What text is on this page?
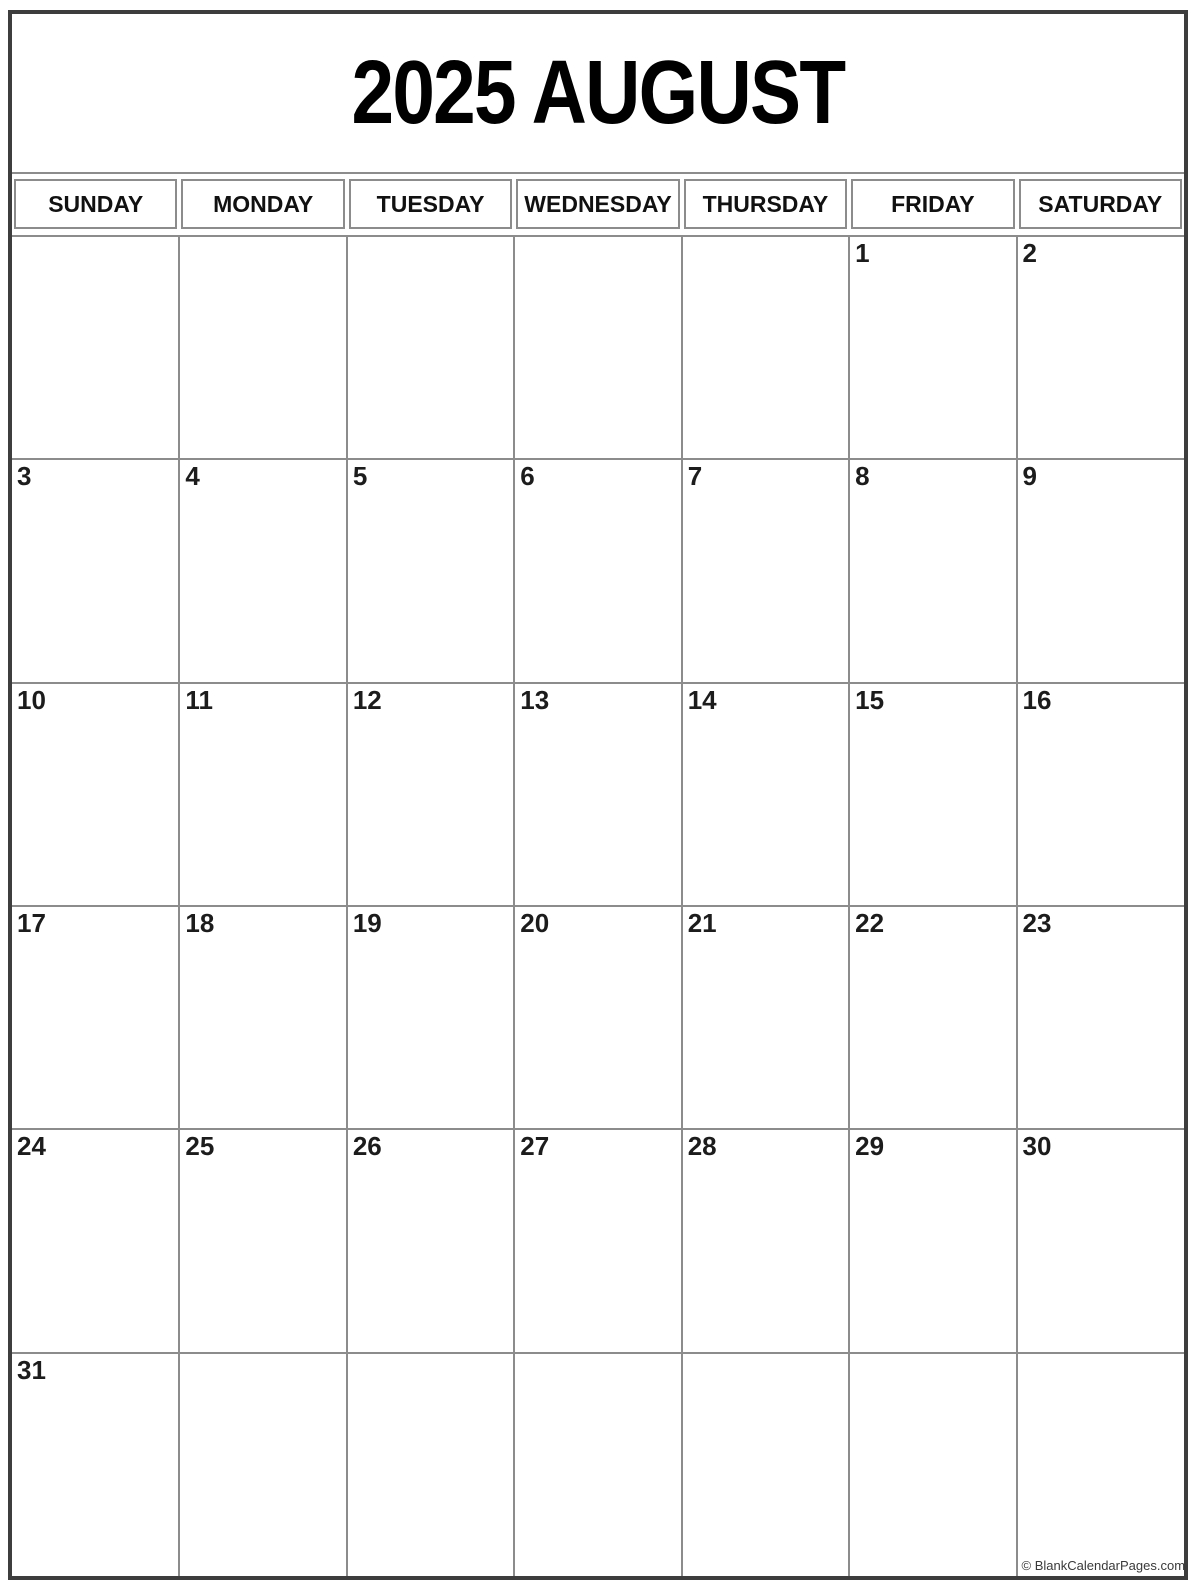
2025 AUGUST
SUNDAY	MONDAY	TUESDAY	WEDNESDAY	THURSDAY	FRIDAY	SATURDAY
					1	2
3	4	5	6	7	8	9
10	11	12	13	14	15	16
17	18	19	20	21	22	23
24	25	26	27	28	29	30
31						© BlankCalendarPages.com
